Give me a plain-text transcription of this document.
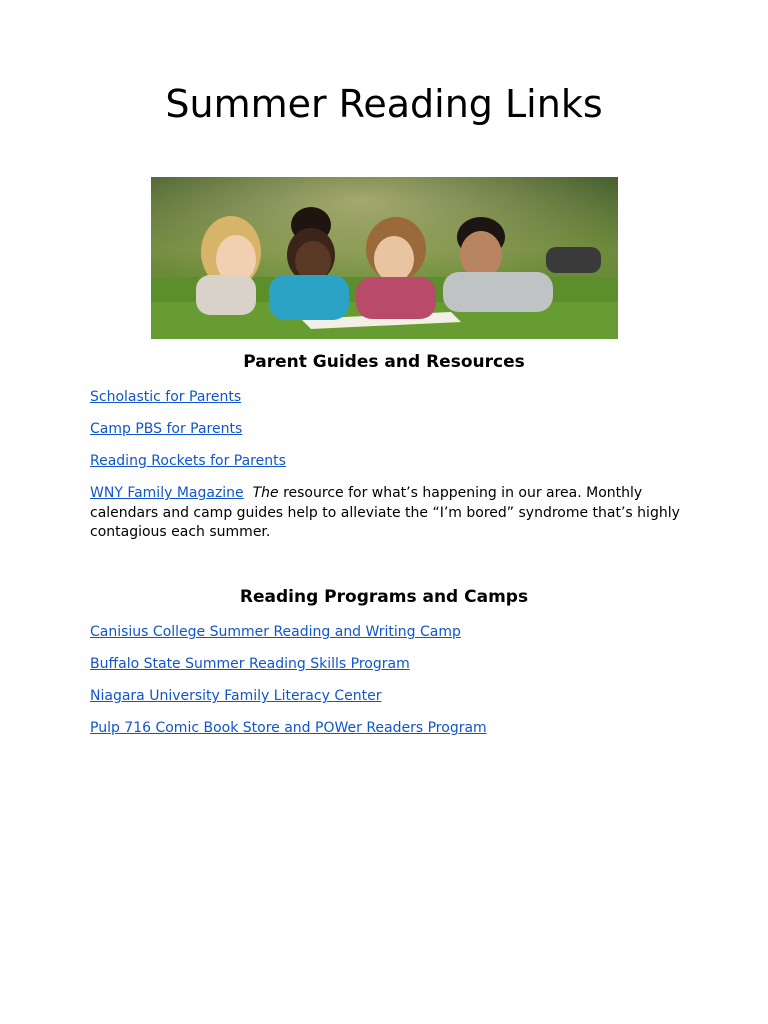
Summer Reading Links
Parent Guides and Resources
Scholastic for Parents
Camp PBS for Parents
Reading Rockets for Parents

WNY Family Magazine The resource for what’s happening in our area. Monthly calendars and camp guides help to alleviate the “I’m bored” syndrome that’s highly contagious each summer.

Reading Programs and Camps
Canisius College Summer Reading and Writing Camp
Buffalo State Summer Reading Skills Program
Niagara University Family Literacy Center
Pulp 716 Comic Book Store and POWer Readers Program
